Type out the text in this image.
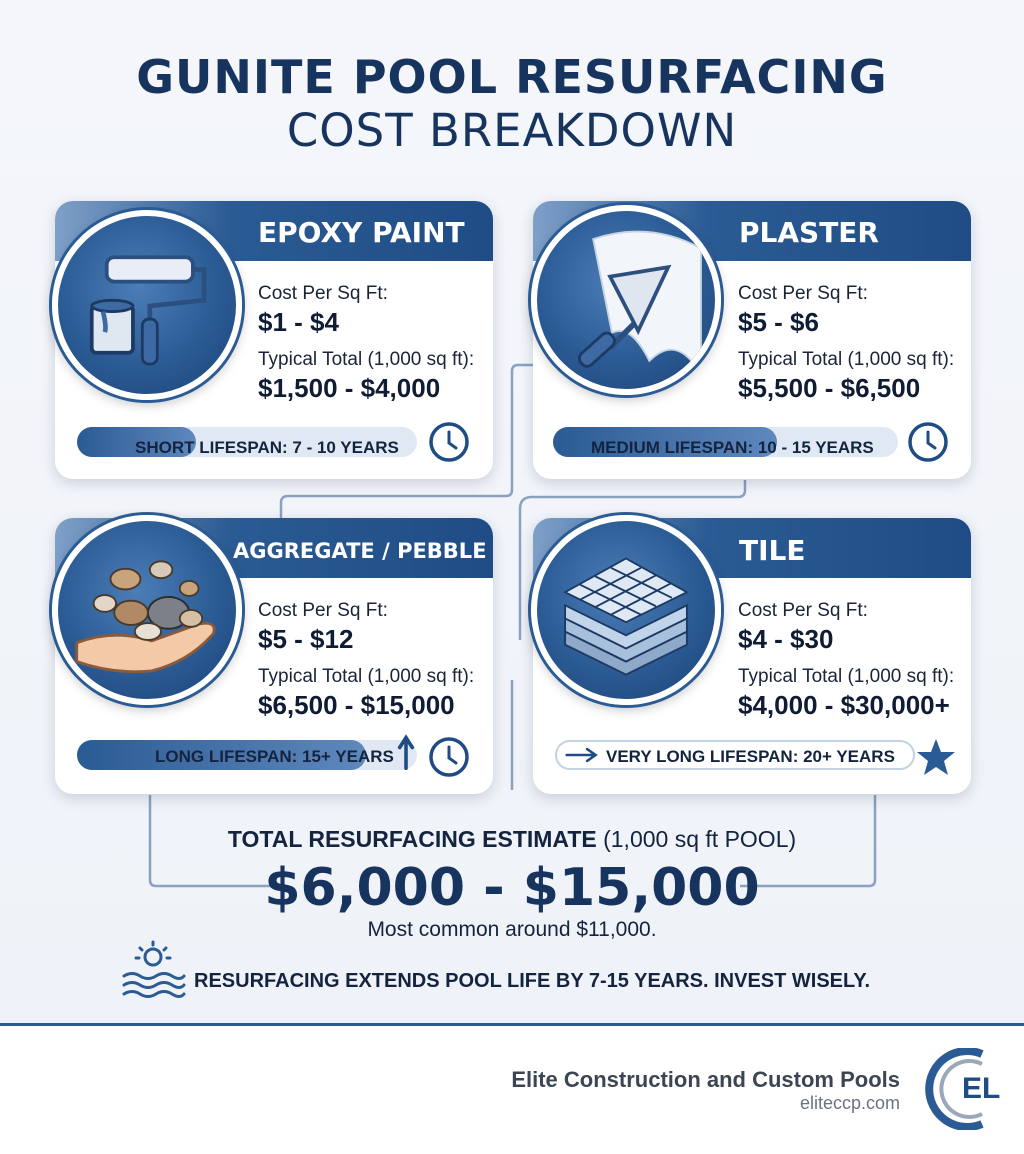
GUNITE POOL RESURFACING
COST BREAKDOWN
EPOXY PAINT
Cost Per Sq Ft:
$1 - $4
Typical Total (1,000 sq ft):
$1,500 - $4,000
SHORT LIFESPAN: 7 - 10 YEARS
PLASTER
Cost Per Sq Ft:
$5 - $6
Typical Total (1,000 sq ft):
$5,500 - $6,500
MEDIUM LIFESPAN: 10 - 15 YEARS
AGGREGATE / PEBBLE
Cost Per Sq Ft:
$5 - $12
Typical Total (1,000 sq ft):
$6,500 - $15,000
LONG LIFESPAN: 15+ YEARS
TILE
Cost Per Sq Ft:
$4 - $30
Typical Total (1,000 sq ft):
$4,000 - $30,000+
VERY LONG LIFESPAN: 20+ YEARS
TOTAL RESURFACING ESTIMATE (1,000 sq ft POOL)
$6,000 - $15,000
Most common around $11,000.
RESURFACING EXTENDS POOL LIFE BY 7-15 YEARS. INVEST WISELY.
Elite Construction and Custom Pools
eliteccp.com EL
